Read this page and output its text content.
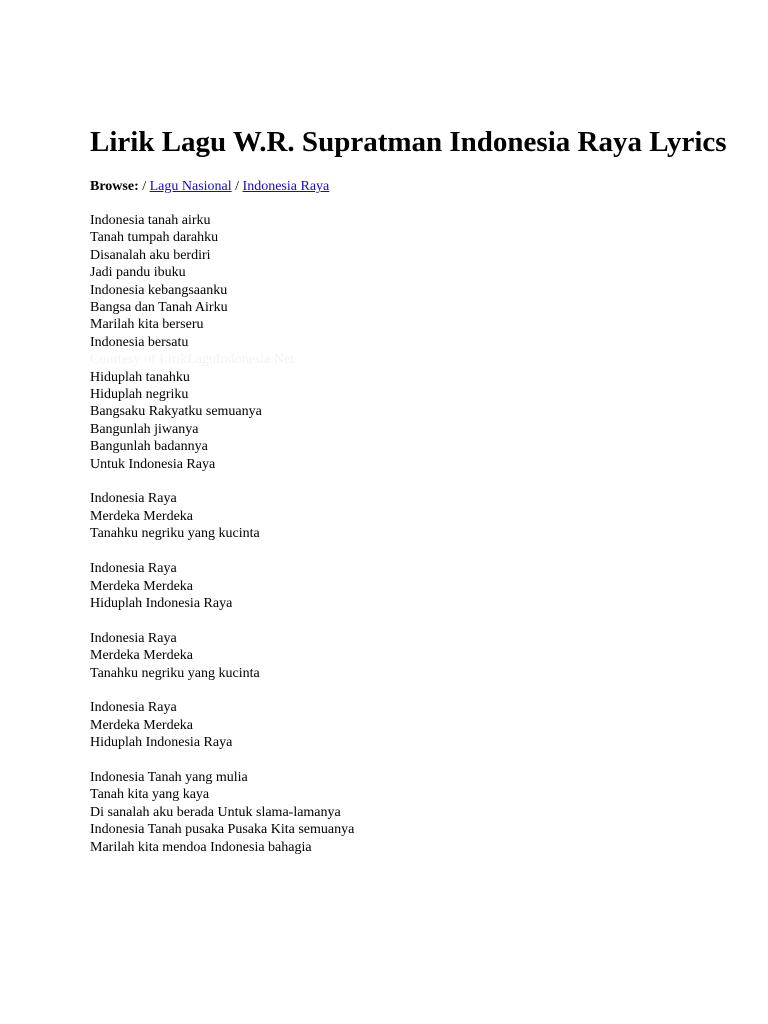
Lirik Lagu W.R. Supratman Indonesia Raya Lyrics
Browse: / Lagu Nasional / Indonesia Raya
Indonesia tanah airku
Tanah tumpah darahku
Disanalah aku berdiri
Jadi pandu ibuku
Indonesia kebangsaanku
Bangsa dan Tanah Airku
Marilah kita berseru
Indonesia bersatu
Courtesy of LirikLaguIndonesia.Net
Hiduplah tanahku
Hiduplah negriku
Bangsaku Rakyatku semuanya
Bangunlah jiwanya
Bangunlah badannya
Untuk Indonesia Raya
Indonesia Raya
Merdeka Merdeka
Tanahku negriku yang kucinta
Indonesia Raya
Merdeka Merdeka
Hiduplah Indonesia Raya
Indonesia Raya
Merdeka Merdeka
Tanahku negriku yang kucinta
Indonesia Raya
Merdeka Merdeka
Hiduplah Indonesia Raya
Indonesia Tanah yang mulia
Tanah kita yang kaya
Di sanalah aku berada Untuk slama-lamanya
Indonesia Tanah pusaka Pusaka Kita semuanya
Marilah kita mendoa Indonesia bahagia
